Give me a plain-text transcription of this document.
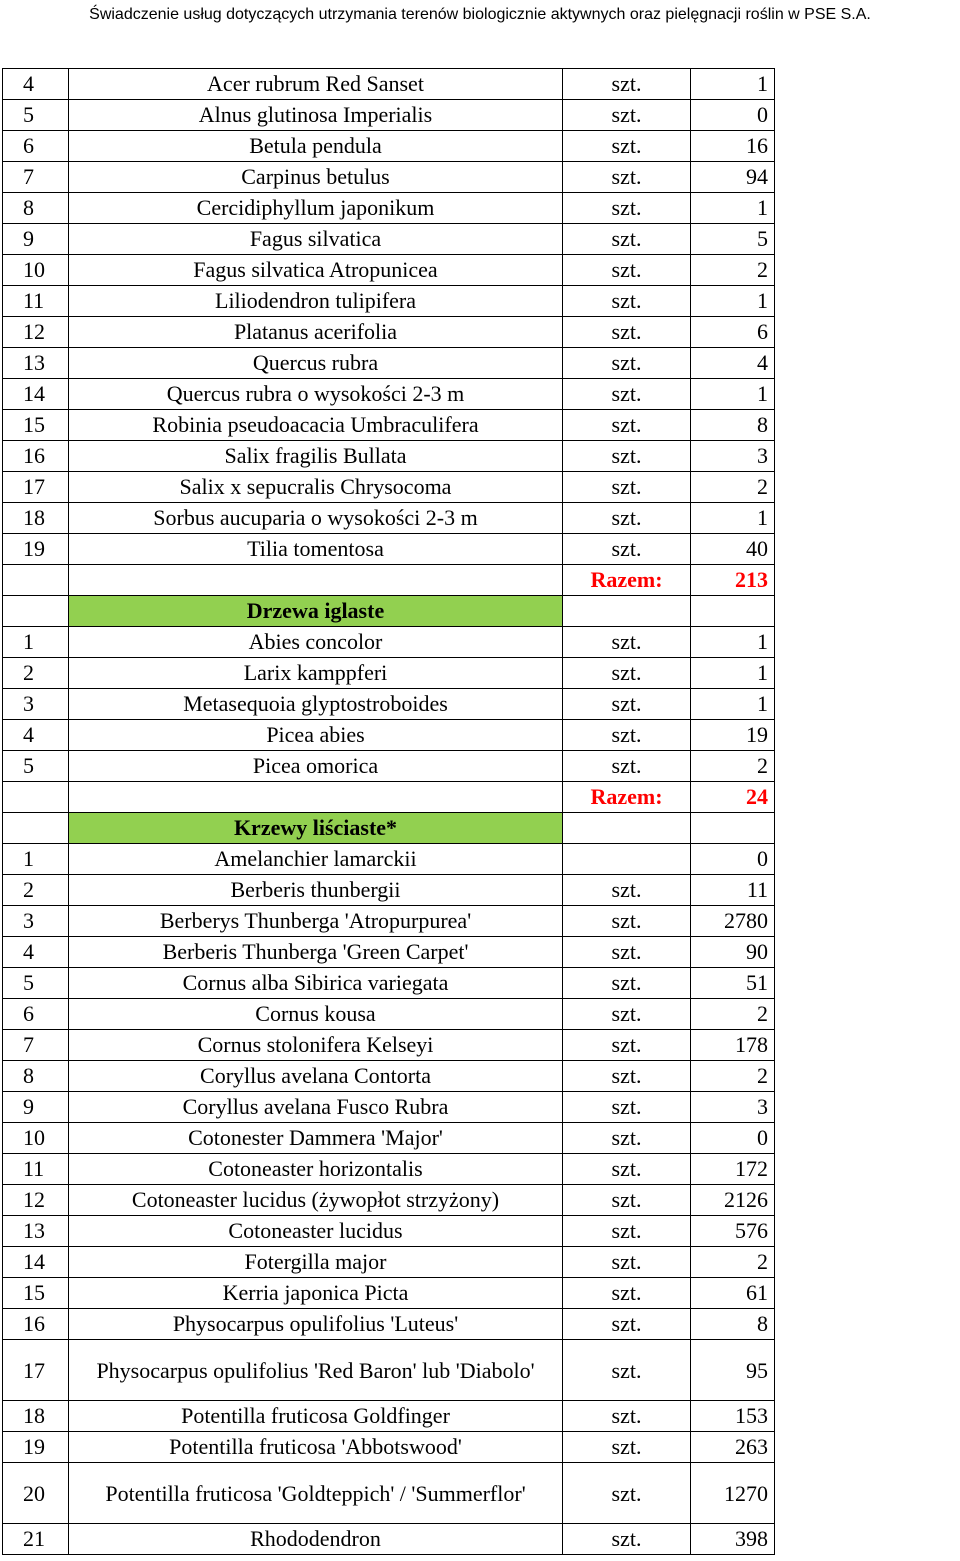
Świadczenie usług dotyczących utrzymania terenów biologicznie aktywnych oraz pielęgnacji roślin w PSE S.A.
4	Acer rubrum Red Sanset	szt.	1
5	Alnus glutinosa Imperialis	szt.	0
6	Betula pendula	szt.	16
7	Carpinus betulus	szt.	94
8	Cercidiphyllum japonikum	szt.	1
9	Fagus silvatica	szt.	5
10	Fagus silvatica Atropunicea	szt.	2
11	Liliodendron tulipifera	szt.	1
12	Platanus acerifolia	szt.	6
13	Quercus rubra	szt.	4
14	Quercus rubra o wysokości 2-3 m	szt.	1
15	Robinia pseudoacacia Umbraculifera	szt.	8
16	Salix fragilis Bullata	szt.	3
17	Salix x sepucralis Chrysocoma	szt.	2
18	Sorbus aucuparia o wysokości 2-3 m	szt.	1
19	Tilia tomentosa	szt.	40
		Razem:	213
	Drzewa iglaste		
1	Abies concolor	szt.	1
2	Larix kamppferi	szt.	1
3	Metasequoia glyptostroboides	szt.	1
4	Picea abies	szt.	19
5	Picea omorica	szt.	2
		Razem:	24
	Krzewy liściaste*		
1	Amelanchier lamarckii		0
2	Berberis thunbergii	szt.	11
3	Berberys Thunberga 'Atropurpurea'	szt.	2780
4	Berberis Thunberga 'Green Carpet'	szt.	90
5	Cornus alba Sibirica variegata	szt.	51
6	Cornus kousa	szt.	2
7	Cornus stolonifera Kelseyi	szt.	178
8	Coryllus avelana Contorta	szt.	2
9	Coryllus avelana Fusco Rubra	szt.	3
10	Cotonester Dammera 'Major'	szt.	0
11	Cotoneaster horizontalis	szt.	172
12	Cotoneaster lucidus (żywopłot strzyżony)	szt.	2126
13	Cotoneaster lucidus	szt.	576
14	Fotergilla major	szt.	2
15	Kerria japonica Picta	szt.	61
16	Physocarpus opulifolius 'Luteus'	szt.	8
17	Physocarpus opulifolius 'Red Baron' lub 'Diabolo'	szt.	95
18	Potentilla fruticosa Goldfinger	szt.	153
19	Potentilla fruticosa 'Abbotswood'	szt.	263
20	Potentilla fruticosa 'Goldteppich' / 'Summerflor'	szt.	1270
21	Rhododendron	szt.	398
